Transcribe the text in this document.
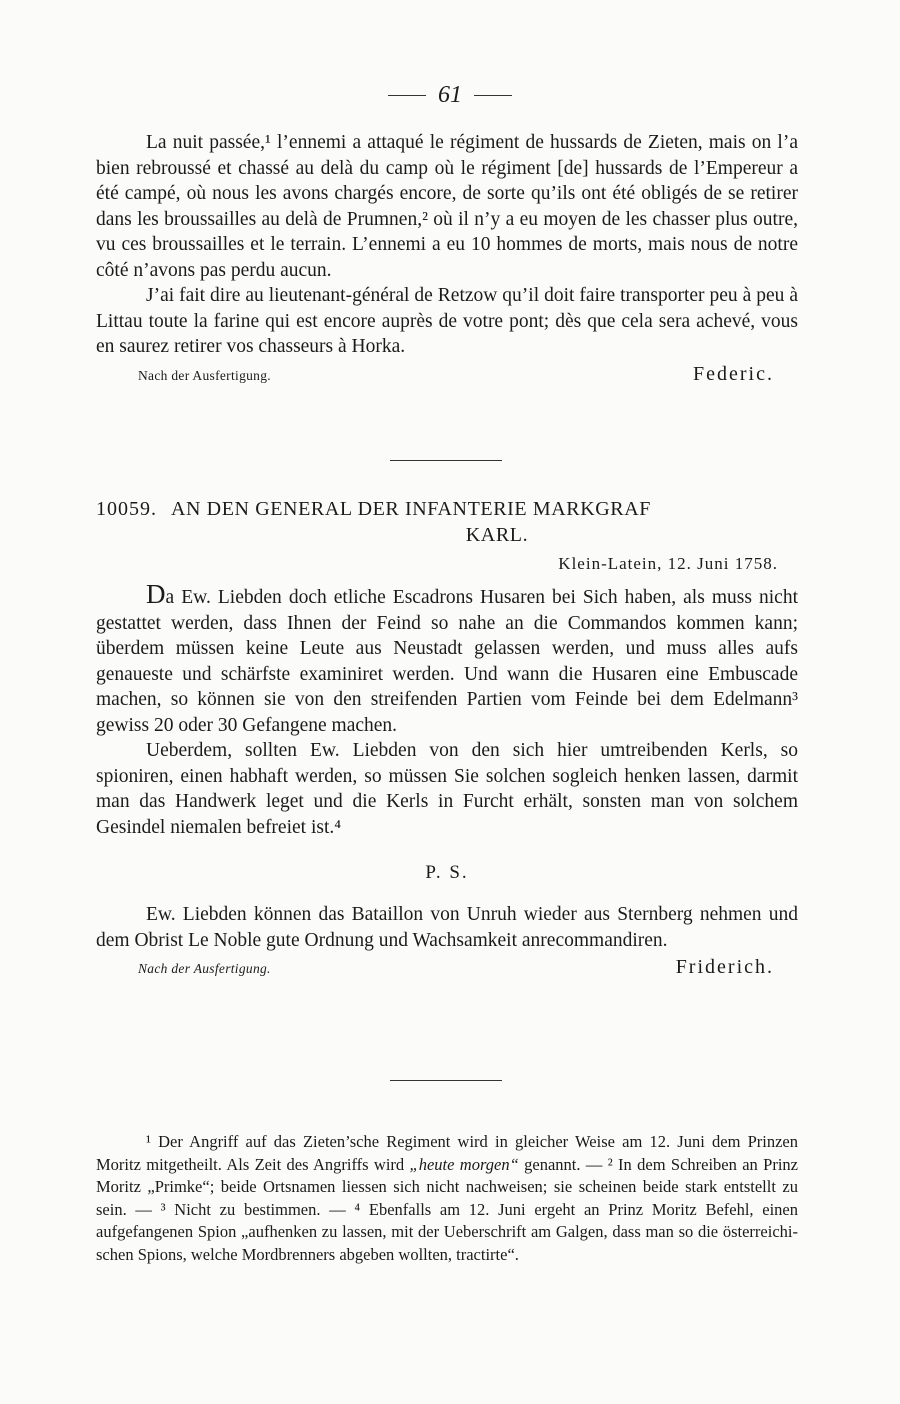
61

La nuit passée,¹ l’ennemi a attaqué le régiment de hussards de Zieten, mais on l’a bien rebroussé et chassé au delà du camp où le régiment [de] hussards de l’Empereur a été campé, où nous les avons chargés encore, de sorte qu’ils ont été obligés de se retirer dans les broussailles au delà de Prumnen,² où il n’y a eu moyen de les chasser plus outre, vu ces broussailles et le terrain. L’ennemi a eu 10 hommes de morts, mais nous de notre côté n’avons pas perdu aucun.

J’ai fait dire au lieutenant-général de Retzow qu’il doit faire transporter peu à peu à Littau toute la farine qui est encore auprès de votre pont; dès que cela sera achevé, vous en saurez retirer vos chasseurs à Horka.

Nach der Ausfertigung.	Federic.
10059. AN DEN GENERAL DER INFANTERIE MARKGRAF
KARL.
Klein-Latein, 12. Juni 1758.

Da Ew. Liebden doch etliche Escadrons Husaren bei Sich haben, als muss nicht gestattet werden, dass Ihnen der Feind so nahe an die Commandos kommen kann; überdem müssen keine Leute aus Neustadt gelassen werden, und muss alles aufs genaueste und schärfste examiniret werden. Und wann die Husaren eine Embuscade machen, so können sie von den streifenden Partien vom Feinde bei dem Edelmann³ gewiss 20 oder 30 Gefangene machen.

Ueberdem, sollten Ew. Liebden von den sich hier umtreibenden Kerls, so spioniren, einen habhaft werden, so müssen Sie solchen sogleich henken lassen, darmit man das Handwerk leget und die Kerls in Furcht erhält, sonsten man von solchem Gesindel niemalen befreiet ist.⁴

P. S.

Ew. Liebden können das Bataillon von Unruh wieder aus Sternberg nehmen und dem Obrist Le Noble gute Ordnung und Wachsamkeit anrecommandiren.

Nach der Ausfertigung.	Friderich.

¹ Der Angriff auf das Zieten’sche Regiment wird in gleicher Weise am 12. Juni dem Prinzen Moritz mitgetheilt. Als Zeit des Angriffs wird „heute morgen“ genannt. — ² In dem Schreiben an Prinz Moritz „Primke“; beide Ortsnamen liessen sich nicht nachweisen; sie scheinen beide stark entstellt zu sein. — ³ Nicht zu bestimmen. — ⁴ Ebenfalls am 12. Juni ergeht an Prinz Moritz Befehl, einen aufgefangenen Spion „aufhenken zu lassen, mit der Ueberschrift am Galgen, dass man so die österreichischen Spions, welche Mordbrenners abgeben wollten, tractirte“.
